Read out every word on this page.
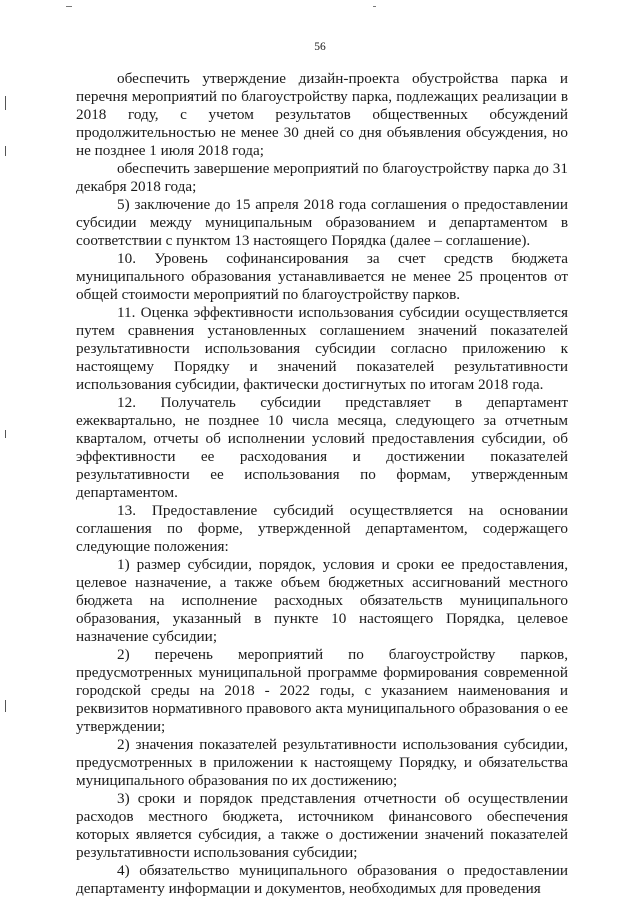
56

обеспечить утверждение дизайн-проекта обустройства парка и перечня мероприятий по благоустройству парка, подлежащих реализации в 2018 году, с учетом результатов общественных обсуждений продолжительностью не менее 30 дней со дня объявления обсуждения, но не позднее 1 июля 2018 года;

обеспечить завершение мероприятий по благоустройству парка до 31 декабря 2018 года;

5) заключение до 15 апреля 2018 года соглашения о предоставлении субсидии между муниципальным образованием и департаментом в соответствии с пунктом 13 настоящего Порядка (далее – соглашение).

10. Уровень софинансирования за счет средств бюджета муниципального образования устанавливается не менее 25 процентов от общей стоимости мероприятий по благоустройству парков.

11. Оценка эффективности использования субсидии осуществляется путем сравнения установленных соглашением значений показателей результативности использования субсидии согласно приложению к настоящему Порядку и значений показателей результативности использования субсидии, фактически достигнутых по итогам 2018 года.

12. Получатель субсидии представляет в департамент ежеквартально, не позднее 10 числа месяца, следующего за отчетным кварталом, отчеты об исполнении условий предоставления субсидии, об эффективности ее расходования и достижении показателей результативности ее использования по формам, утвержденным департаментом.

13. Предоставление субсидий осуществляется на основании соглашения по форме, утвержденной департаментом, содержащего следующие положения:

1) размер субсидии, порядок, условия и сроки ее предоставления, целевое назначение, а также объем бюджетных ассигнований местного бюджета на исполнение расходных обязательств муниципального образования, указанный в пункте 10 настоящего Порядка, целевое назначение субсидии;

2) перечень мероприятий по благоустройству парков, предусмотренных муниципальной программе формирования современной городской среды на 2018 - 2022 годы, с указанием наименования и реквизитов нормативного правового акта муниципального образования о ее утверждении;

2) значения показателей результативности использования субсидии, предусмотренных в приложении к настоящему Порядку, и обязательства муниципального образования по их достижению;

3) сроки и порядок представления отчетности об осуществлении расходов местного бюджета, источником финансового обеспечения которых является субсидия, а также о достижении значений показателей результативности использования субсидии;

4) обязательство муниципального образования о предоставлении департаменту информации и документов, необходимых для проведения
